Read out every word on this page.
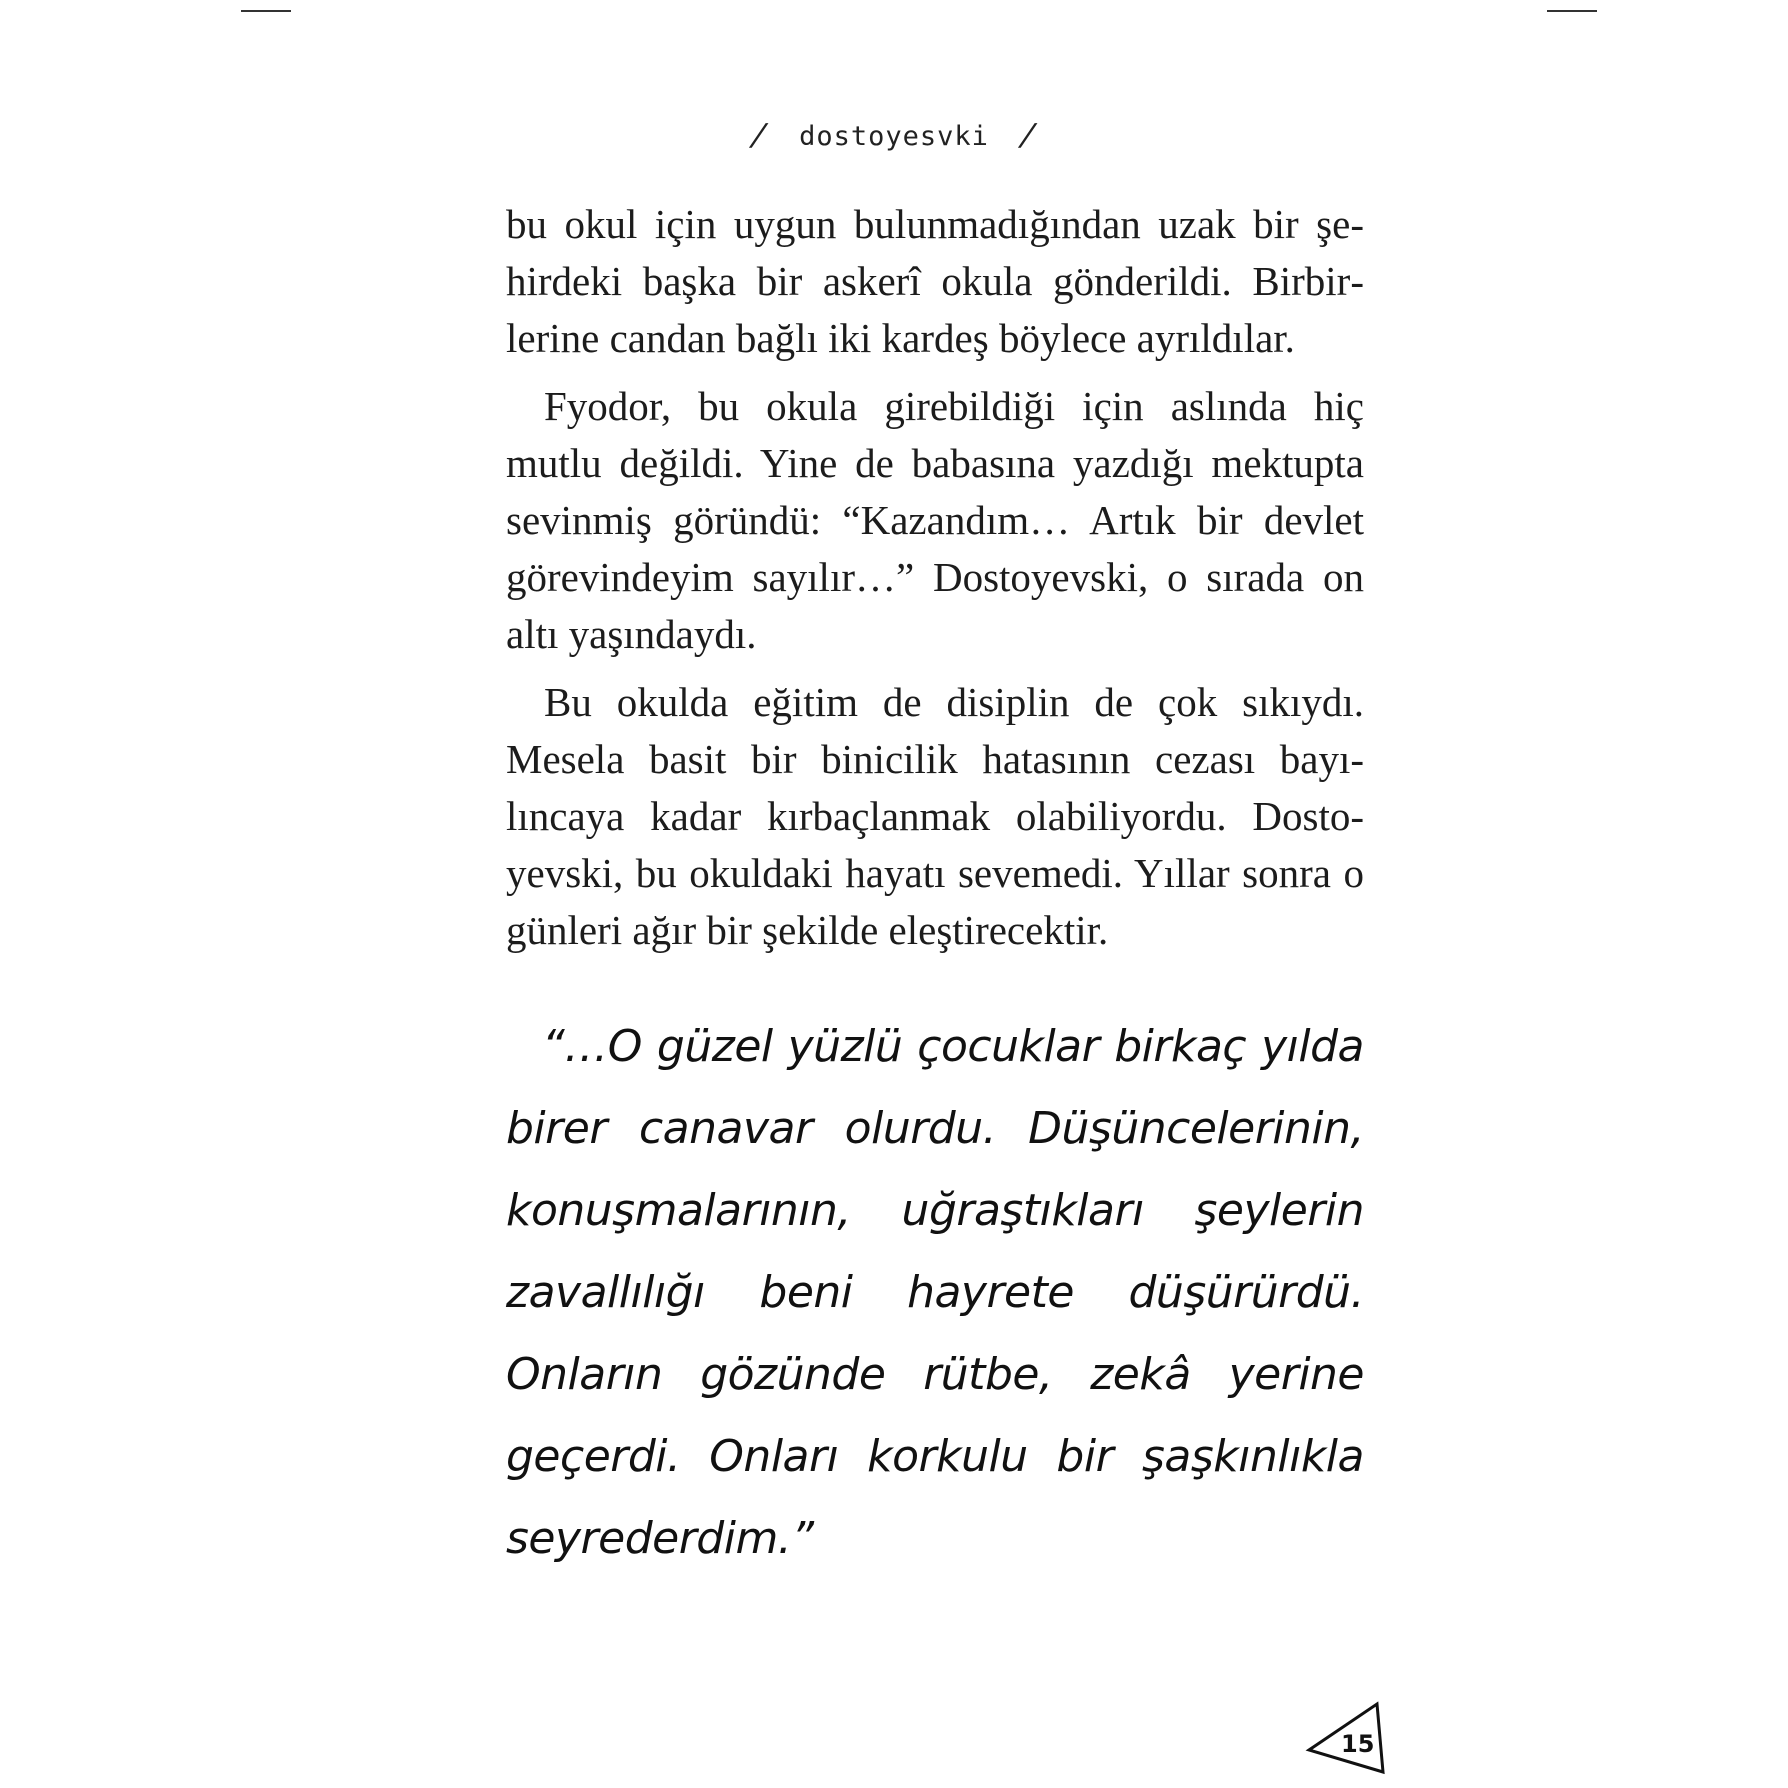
/ dostoyesvki /

bu okul için uygun bulunmadığından uzak bir şehirdeki başka bir askerî okula gönderildi. Birbirlerine candan bağlı iki kardeş böylece ayrıldılar.

Fyodor, bu okula girebildiği için aslında hiç mutlu değildi. Yine de babasına yazdığı mektupta sevinmiş göründü: “Kazandım… Artık bir devlet görevindeyim sayılır…” Dostoyevski, o sırada on altı yaşındaydı.

Bu okulda eğitim de disiplin de çok sıkıydı. Mesela basit bir binicilik hatasının cezası bayılıncaya kadar kırbaçlanmak olabiliyordu. Dostoyevski, bu okuldaki hayatı sevemedi. Yıllar sonra o günleri ağır bir şekilde eleştirecektir.

“…O güzel yüzlü çocuklar birkaç yılda birer canavar olurdu. Düşüncelerinin, konuşmalarının, uğraştıkları şeylerin zavallılığı beni hayrete düşürürdü. Onların gözünde rütbe, zekâ yerine geçerdi. Onları korkulu bir şaşkınlıkla seyrederdim.”
15
